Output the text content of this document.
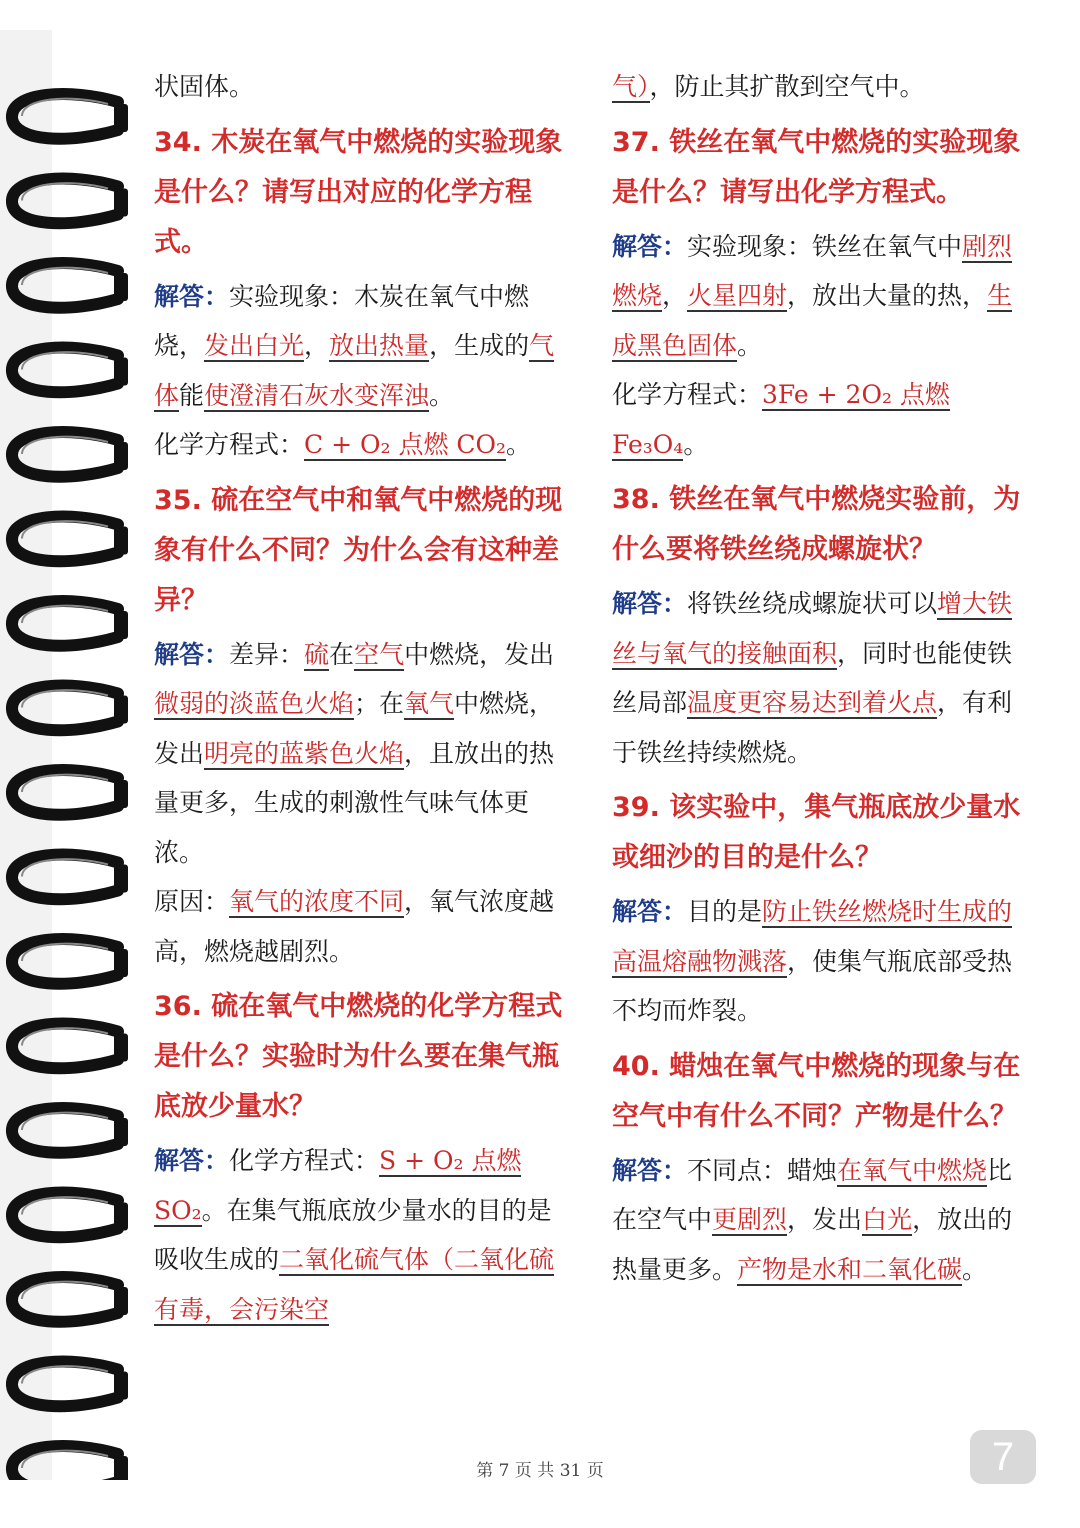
状固体。

34. 木炭在氧气中燃烧的实验现象是什么？请写出对应的化学方程式。

解答：实验现象：木炭在氧气中燃烧，发出白光，放出热量，生成的气体能使澄清石灰水变浑浊。

化学方程式：C + O₂ 点燃 CO₂。

35. 硫在空气中和氧气中燃烧的现象有什么不同？为什么会有这种差异？

解答：差异：硫在空气中燃烧，发出微弱的淡蓝色火焰；在氧气中燃烧，发出明亮的蓝紫色火焰，且放出的热量更多，生成的刺激性气味气体更浓。

原因：氧气的浓度不同，氧气浓度越高，燃烧越剧烈。

36. 硫在氧气中燃烧的化学方程式是什么？实验时为什么要在集气瓶底放少量水？

解答：化学方程式：S + O₂ 点燃 SO₂。在集气瓶底放少量水的目的是吸收生成的二氧化硫气体（二氧化硫有毒，会污染空

气），防止其扩散到空气中。

37. 铁丝在氧气中燃烧的实验现象是什么？请写出化学方程式。

解答：实验现象：铁丝在氧气中剧烈燃烧，火星四射，放出大量的热，生成黑色固体。

化学方程式：3Fe + 2O₂ 点燃 Fe₃O₄。

38. 铁丝在氧气中燃烧实验前，为什么要将铁丝绕成螺旋状？

解答：将铁丝绕成螺旋状可以增大铁丝与氧气的接触面积，同时也能使铁丝局部温度更容易达到着火点，有利于铁丝持续燃烧。

39. 该实验中，集气瓶底放少量水或细沙的目的是什么？

解答：目的是防止铁丝燃烧时生成的高温熔融物溅落，使集气瓶底部受热不均而炸裂。

40. 蜡烛在氧气中燃烧的现象与在空气中有什么不同？产物是什么？

解答：不同点：蜡烛在氧气中燃烧比在空气中更剧烈，发出白光，放出的热量更多。产物是水和二氧化碳。

第 7 页 共 31 页	7
